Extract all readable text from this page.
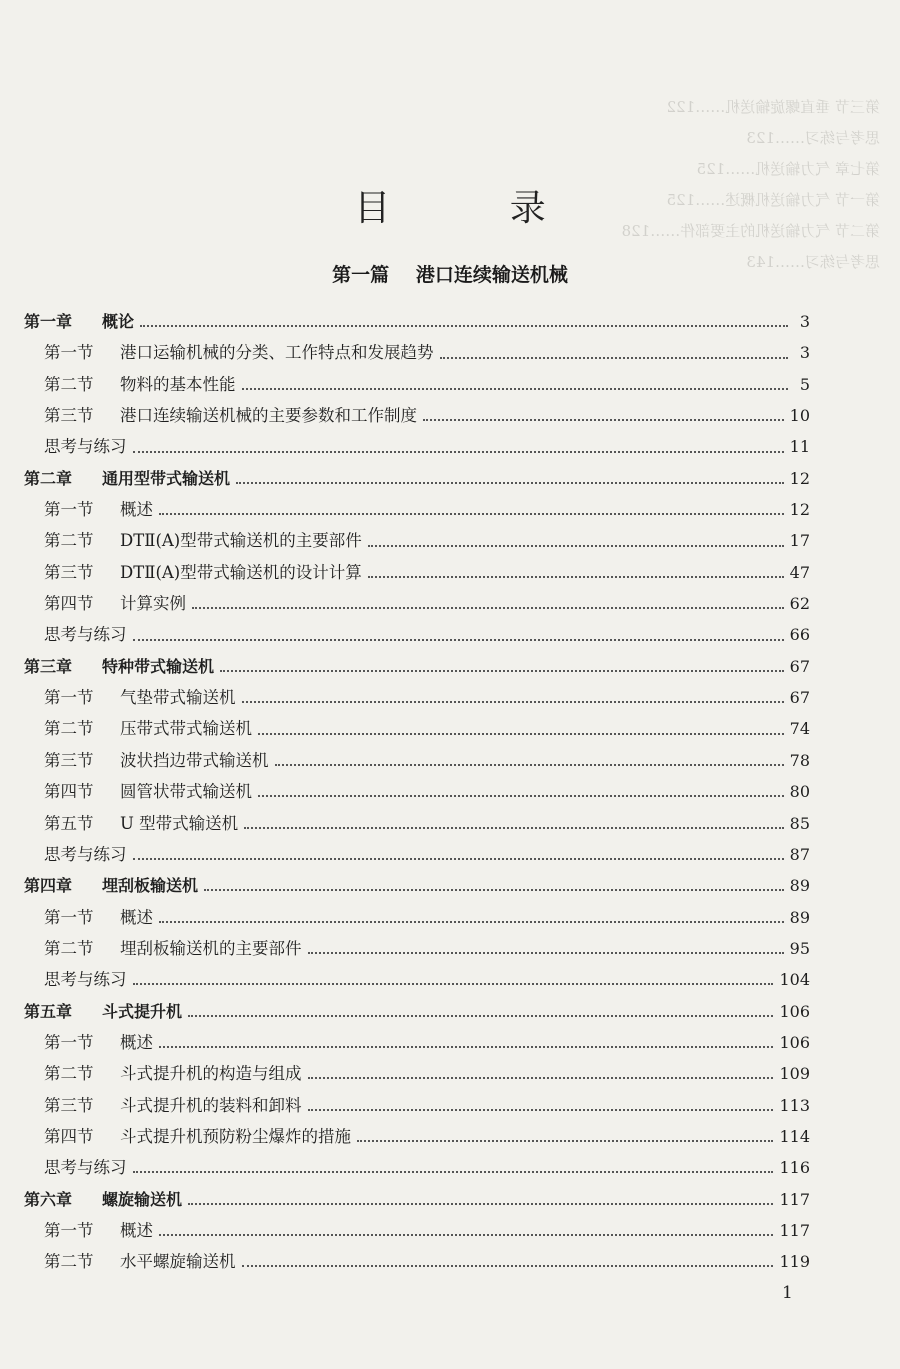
第三节 垂直螺旋输送机……122
思考与练习……123
第七章 气力输送机……125
第一节 气力输送机概述……125
第二节 气力输送机的主要部件……128
思考与练习……143
目 录
第一篇 港口连续输送机械
第一章	概论	3
第一节	港口运输机械的分类、工作特点和发展趋势	3
第二节	物料的基本性能	5
第三节	港口连续输送机械的主要参数和工作制度	10
思考与练习	11
第二章	通用型带式输送机	12
第一节	概述	12
第二节	DTⅡ(A)型带式输送机的主要部件	17
第三节	DTⅡ(A)型带式输送机的设计计算	47
第四节	计算实例	62
思考与练习	66
第三章	特种带式输送机	67
第一节	气垫带式输送机	67
第二节	压带式带式输送机	74
第三节	波状挡边带式输送机	78
第四节	圆管状带式输送机	80
第五节	U 型带式输送机	85
思考与练习	87
第四章	埋刮板输送机	89
第一节	概述	89
第二节	埋刮板输送机的主要部件	95
思考与练习	104
第五章	斗式提升机	106
第一节	概述	106
第二节	斗式提升机的构造与组成	109
第三节	斗式提升机的装料和卸料	113
第四节	斗式提升机预防粉尘爆炸的措施	114
思考与练习	116
第六章	螺旋输送机	117
第一节	概述	117
第二节	水平螺旋输送机	119
1
